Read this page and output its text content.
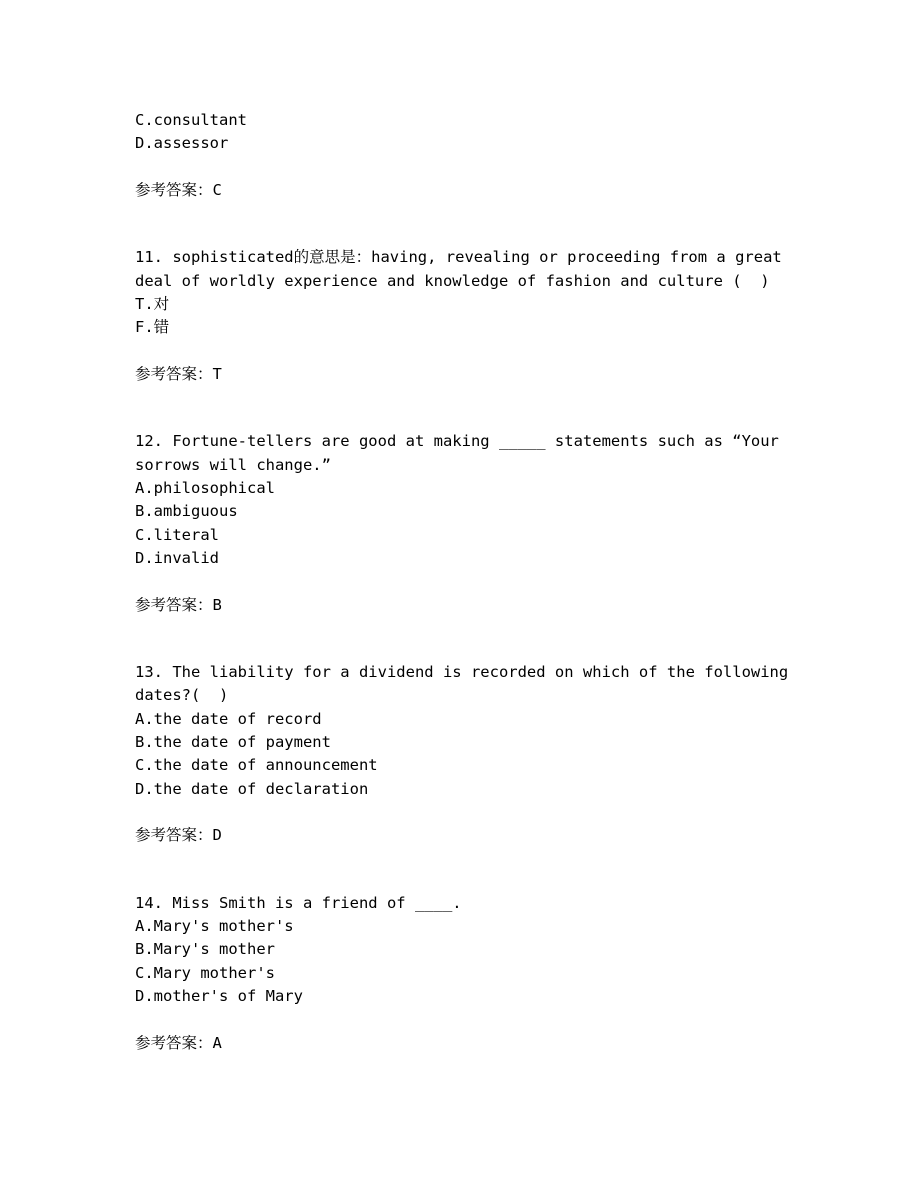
C.consultant
D.assessor
参考答案：C
11. sophisticated的意思是：having, revealing or proceeding from a great
deal of worldly experience and knowledge of fashion and culture (  )
T.对
F.错
参考答案：T
12. Fortune-tellers are good at making _____ statements such as “Your
sorrows will change.”
A.philosophical
B.ambiguous
C.literal
D.invalid
参考答案：B
13. The liability for a dividend is recorded on which of the following
dates?(  )
A.the date of record
B.the date of payment
C.the date of announcement
D.the date of declaration
参考答案：D
14. Miss Smith is a friend of ____.
A.Mary's mother's
B.Mary's mother
C.Mary mother's
D.mother's of Mary
参考答案：A
